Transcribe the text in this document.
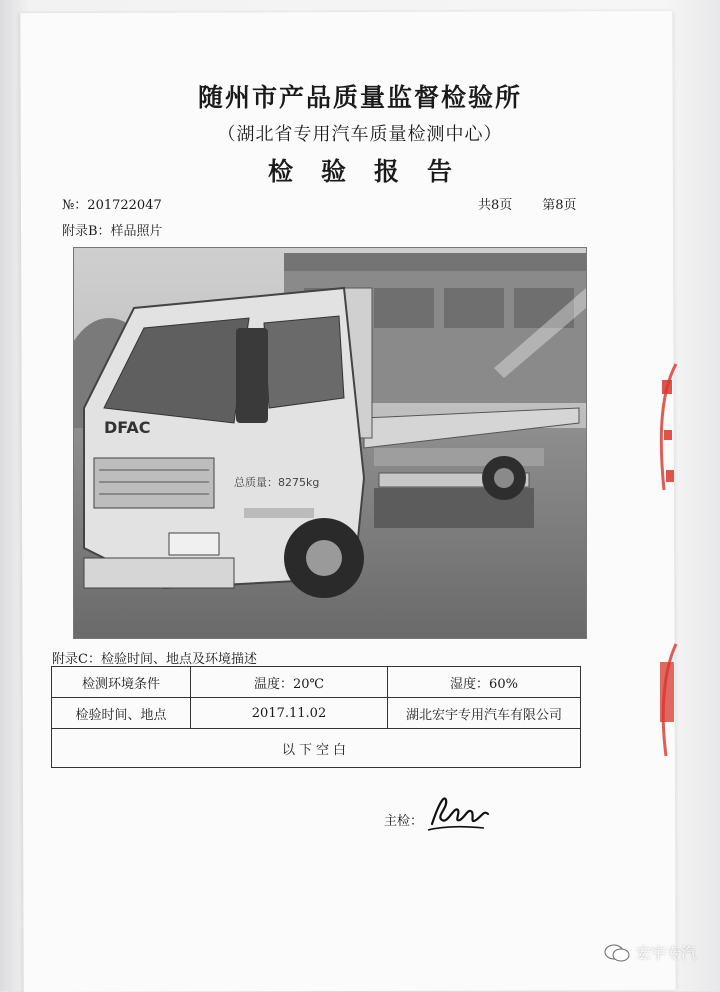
随州市产品质量监督检验所
（湖北省专用汽车质量检测中心）
检验报告
№：201722047	共8页 第8页
附录B：样品照片
DFAC
总质量：8275kg
附录C：检验时间、地点及环境描述
检测环境条件	温度：20℃	湿度：60%
检验时间、地点	2017.11.02	湖北宏宇专用汽车有限公司
以下空白		
主检：
宏宇专汽
